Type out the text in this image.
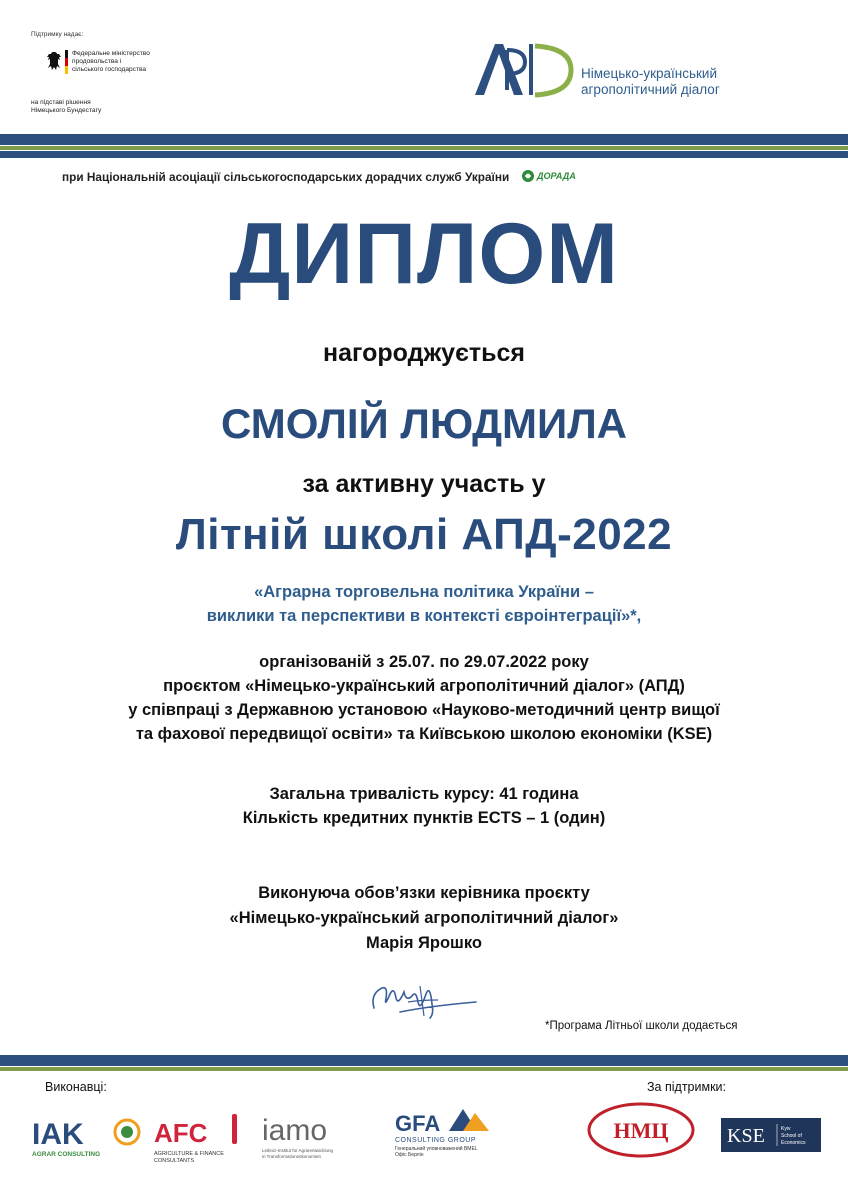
Підтримку надає:
Федеральне міністерство
продовольства і
сільського господарства
на підставі рішення
Німецького Бундестагу
Німецько-український
агрополітичний діалог
при Національній асоціації сільськогосподарських дорадчих служб України	ДОРАДА
ДИПЛОМ
нагороджується
СМОЛІЙ ЛЮДМИЛА
за активну участь у
Літній школі АПД-2022
«Аграрна торговельна політика України –
виклики та перспективи в контексті євроінтеграції»*,
організованій з 25.07. по 29.07.2022 року
проєктом «Німецько-український агрополітичний діалог» (АПД)
у співпраці з Державною установою «Науково-методичний центр вищої
та фахової передвищої освіти» та Київською школою економіки (KSE)
Загальна тривалість курсу: 41 година
Кількість кредитних пунктів ECTS – 1 (один)
Виконуюча обов’язки керівника проєкту
«Німецько-український агрополітичний діалог»
Марія Ярошко
*Програма Літньої школи додається
Виконавці:	За підтримки:
IAK
AGRAR CONSULTING
AFC
AGRICULTURE & FINANCE
CONSULTANTS
iamo
Leibniz-Institut für Agrarentwicklung
in Transformationsökonomien
GFA
CONSULTING GROUP
Генеральний уповноважений BMEL
Офіс Берлін
НМЦ	KSE	Kyiv
School of
Economics
